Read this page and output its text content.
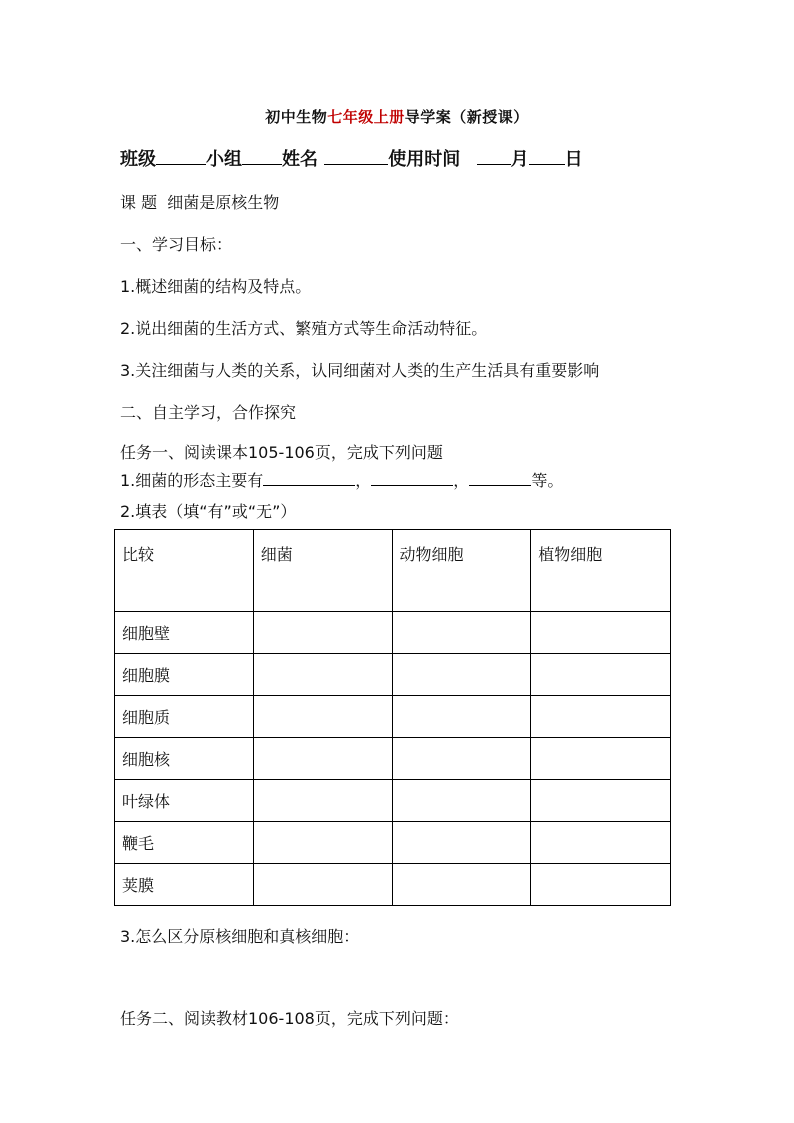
初中生物七年级上册导学案（新授课）
班级	小组 姓名	使用时间	月 日
课 题 细菌是原核生物
一、学习目标：
1.概述细菌的结构及特点。
2.说出细菌的生活方式、繁殖方式等生命活动特征。
3.关注细菌与人类的关系，认同细菌对人类的生产生活具有重要影响
二、自主学习，合作探究
任务一、阅读课本105-106页，完成下列问题
1.细菌的形态主要有	，	，	等。
2.填表（填“有”或“无”）
比较	细菌	动物细胞	植物细胞
细胞壁			
细胞膜			
细胞质			
细胞核			
叶绿体			
鞭毛			
荚膜			
3.怎么区分原核细胞和真核细胞：
任务二、阅读教材106-108页，完成下列问题：
